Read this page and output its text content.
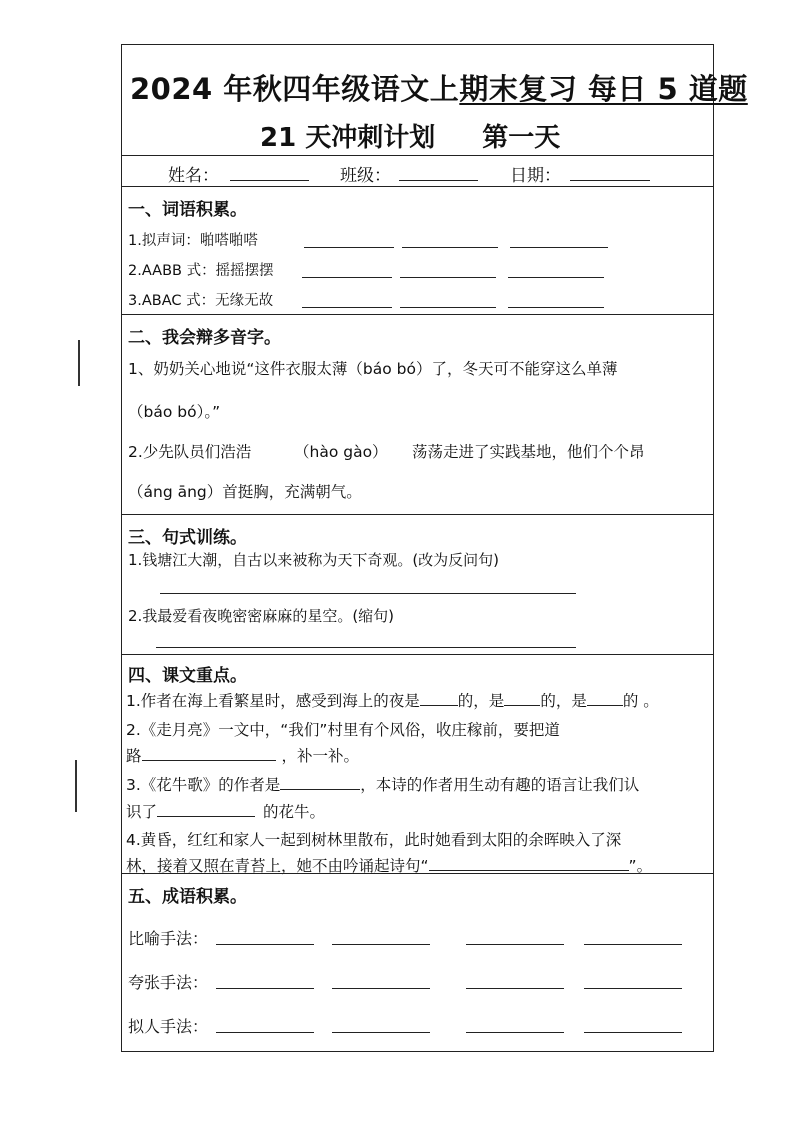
2024 年秋四年级语文上期末复习 每日 5 道题
21 天冲刺计划 第一天
姓名：	班级：	日期：
一、词语积累。
1.拟声词：啪嗒啪嗒
2.AABB 式：摇摇摆摆
3.ABAC 式：无缘无故
二、我会辩多音字。
1、奶奶关心地说“这件衣服太薄（báo bó）了，冬天可不能穿这么单薄
（báo bó）。”
2.少先队员们浩浩	（hào gào） 荡荡走进了实践基地，他们个个昂
（áng āng）首挺胸，充满朝气。
三、句式训练。
1.钱塘江大潮，自古以来被称为天下奇观。(改为反问句)
2.我最爱看夜晚密密麻麻的星空。(缩句)
四、课文重点。
1.作者在海上看繁星时，感受到海上的夜是 的，是 的，是 的 。
2.《走月亮》一文中，“我们”村里有个风俗，收庄稼前，要把道
路	，补一补。
3.《花牛歌》的作者是	，本诗的作者用生动有趣的语言让我们认
识了	的花牛。
4.黄昏，红红和家人一起到树林里散布，此时她看到太阳的余晖映入了深
林，接着又照在青苔上，她不由吟诵起诗句“	”。
五、成语积累。
比喻手法：
夸张手法：
拟人手法：
